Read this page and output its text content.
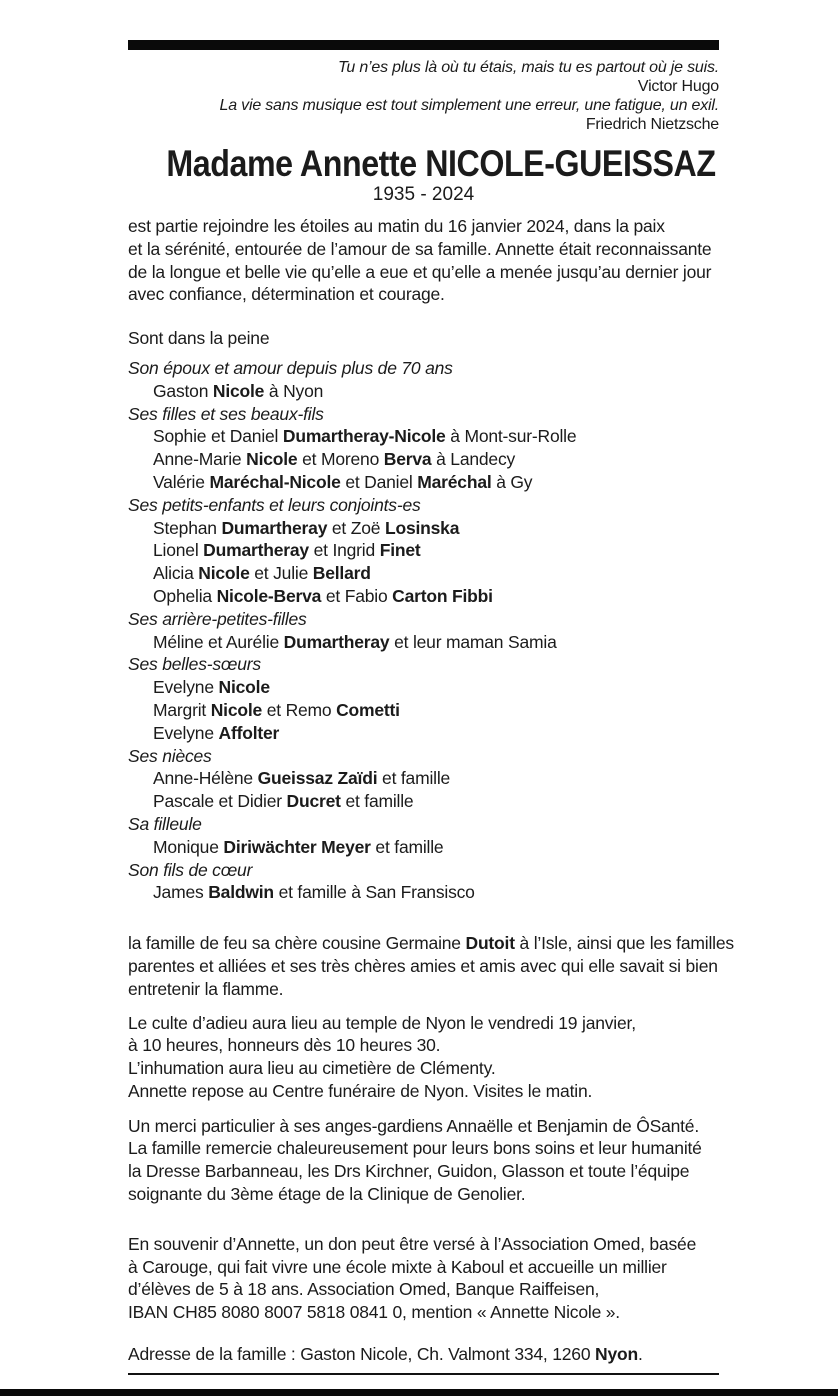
Tu n’es plus là où tu étais, mais tu es partout où je suis.
Victor Hugo
La vie sans musique est tout simplement une erreur, une fatigue, un exil.
Friedrich Nietzsche
Madame Annette NICOLE-GUEISSAZ
1935 - 2024
est partie rejoindre les étoiles au matin du 16 janvier 2024, dans la paix
et la sérénité, entourée de l’amour de sa famille. Annette était reconnaissante
de la longue et belle vie qu’elle a eue et qu’elle a menée jusqu’au dernier jour
avec confiance, détermination et courage.
Sont dans la peine
Son époux et amour depuis plus de 70 ans
Gaston Nicole à Nyon
Ses filles et ses beaux-fils
Sophie et Daniel Dumartheray-Nicole à Mont-sur-Rolle
Anne-Marie Nicole et Moreno Berva à Landecy
Valérie Maréchal-Nicole et Daniel Maréchal à Gy
Ses petits-enfants et leurs conjoints-es
Stephan Dumartheray et Zoë Losinska
Lionel Dumartheray et Ingrid Finet
Alicia Nicole et Julie Bellard
Ophelia Nicole-Berva et Fabio Carton Fibbi
Ses arrière-petites-filles
Méline et Aurélie Dumartheray et leur maman Samia
Ses belles-sœurs
Evelyne Nicole
Margrit Nicole et Remo Cometti
Evelyne Affolter
Ses nièces
Anne-Hélène Gueissaz Zaïdi et famille
Pascale et Didier Ducret et famille
Sa filleule
Monique Diriwächter Meyer et famille
Son fils de cœur
James Baldwin et famille à San Fransisco
la famille de feu sa chère cousine Germaine Dutoit à l’Isle, ainsi que les familles
parentes et alliées et ses très chères amies et amis avec qui elle savait si bien
entretenir la flamme.
Le culte d’adieu aura lieu au temple de Nyon le vendredi 19 janvier,
à 10 heures, honneurs dès 10 heures 30.
L’inhumation aura lieu au cimetière de Clémenty.
Annette repose au Centre funéraire de Nyon. Visites le matin.
Un merci particulier à ses anges-gardiens Annaëlle et Benjamin de ÔSanté.
La famille remercie chaleureusement pour leurs bons soins et leur humanité
la Dresse Barbanneau, les Drs Kirchner, Guidon, Glasson et toute l’équipe
soignante du 3ème étage de la Clinique de Genolier.
En souvenir d’Annette, un don peut être versé à l’Association Omed, basée
à Carouge, qui fait vivre une école mixte à Kaboul et accueille un millier
d’élèves de 5 à 18 ans. Association Omed, Banque Raiffeisen,
IBAN CH85 8080 8007 5818 0841 0, mention « Annette Nicole ».
Adresse de la famille : Gaston Nicole, Ch. Valmont 334, 1260 Nyon.
